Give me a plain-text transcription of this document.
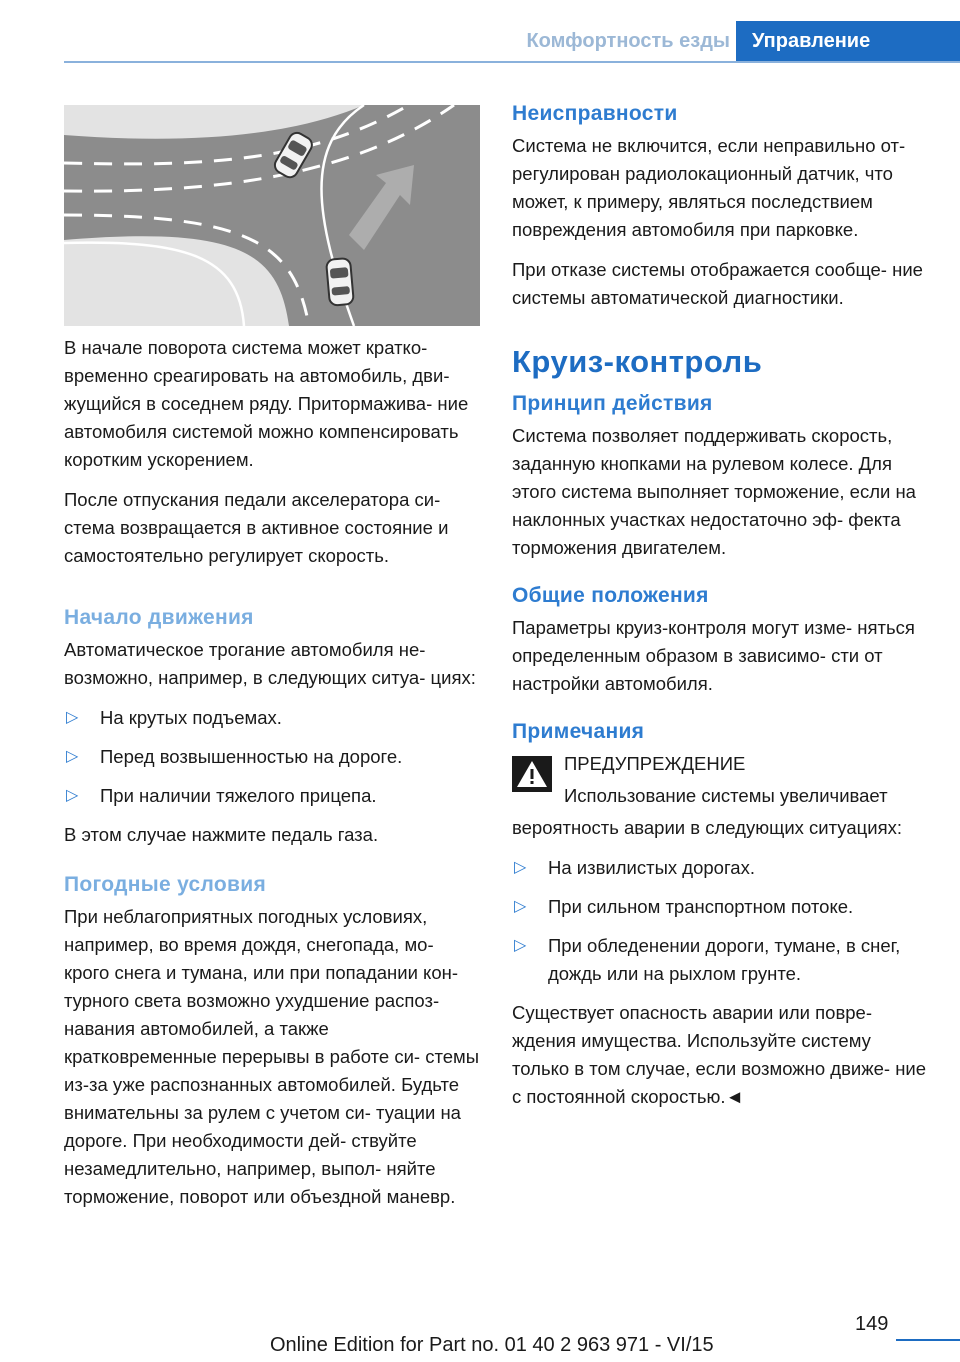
Комфортность езды	Управление

В начале поворота система может кратко- временно среагировать на автомобиль, дви- жущийся в соседнем ряду. Притормажива- ние автомобиля системой можно компенсировать коротким ускорением.

После отпускания педали акселератора си- стема возвращается в активное состояние и самостоятельно регулирует скорость.

Начало движения

Автоматическое трогание автомобиля не- возможно, например, в следующих ситуа- циях:

▷ На крутых подъемах.
▷ Перед возвышенностью на дороге.
▷ При наличии тяжелого прицепа.

В этом случае нажмите педаль газа.

Погодные условия

При неблагоприятных погодных условиях, например, во время дождя, снегопада, мо- крого снега и тумана, или при попадании кон- турного света возможно ухудшение распоз- навания автомобилей, а также кратковременные перерывы в работе си- стемы из-за уже распознанных автомобилей. Будьте внимательны за рулем с учетом си- туации на дороге. При необходимости дей- ствуйте незамедлительно, например, выпол- няйте торможение, поворот или объездной маневр.

Неисправности

Система не включится, если неправильно от- регулирован радиолокационный датчик, что может, к примеру, являться последствием повреждения автомобиля при парковке.

При отказе системы отображается сообще- ние системы автоматической диагностики.

Круиз-контроль
Принцип действия

Система позволяет поддерживать скорость, заданную кнопками на рулевом колесе. Для этого система выполняет торможение, если на наклонных участках недостаточно эф- фекта торможения двигателем.

Общие положения

Параметры круиз-контроля могут изме- няться определенным образом в зависимо- сти от настройки автомобиля.

Примечания

ПРЕДУПРЕЖДЕНИЕ

Использование системы увеличивает

вероятность аварии в следующих ситуациях:

▷ На извилистых дорогах.
▷ При сильном транспортном потоке.
▷ При обледенении дороги, тумане, в снег, дождь или на рыхлом грунте.

Существует опасность аварии или повре- ждения имущества. Используйте систему только в том случае, если возможно движе- ние с постоянной скоростью.◄

149
Online Edition for Part no. 01 40 2 963 971 - VI/15
